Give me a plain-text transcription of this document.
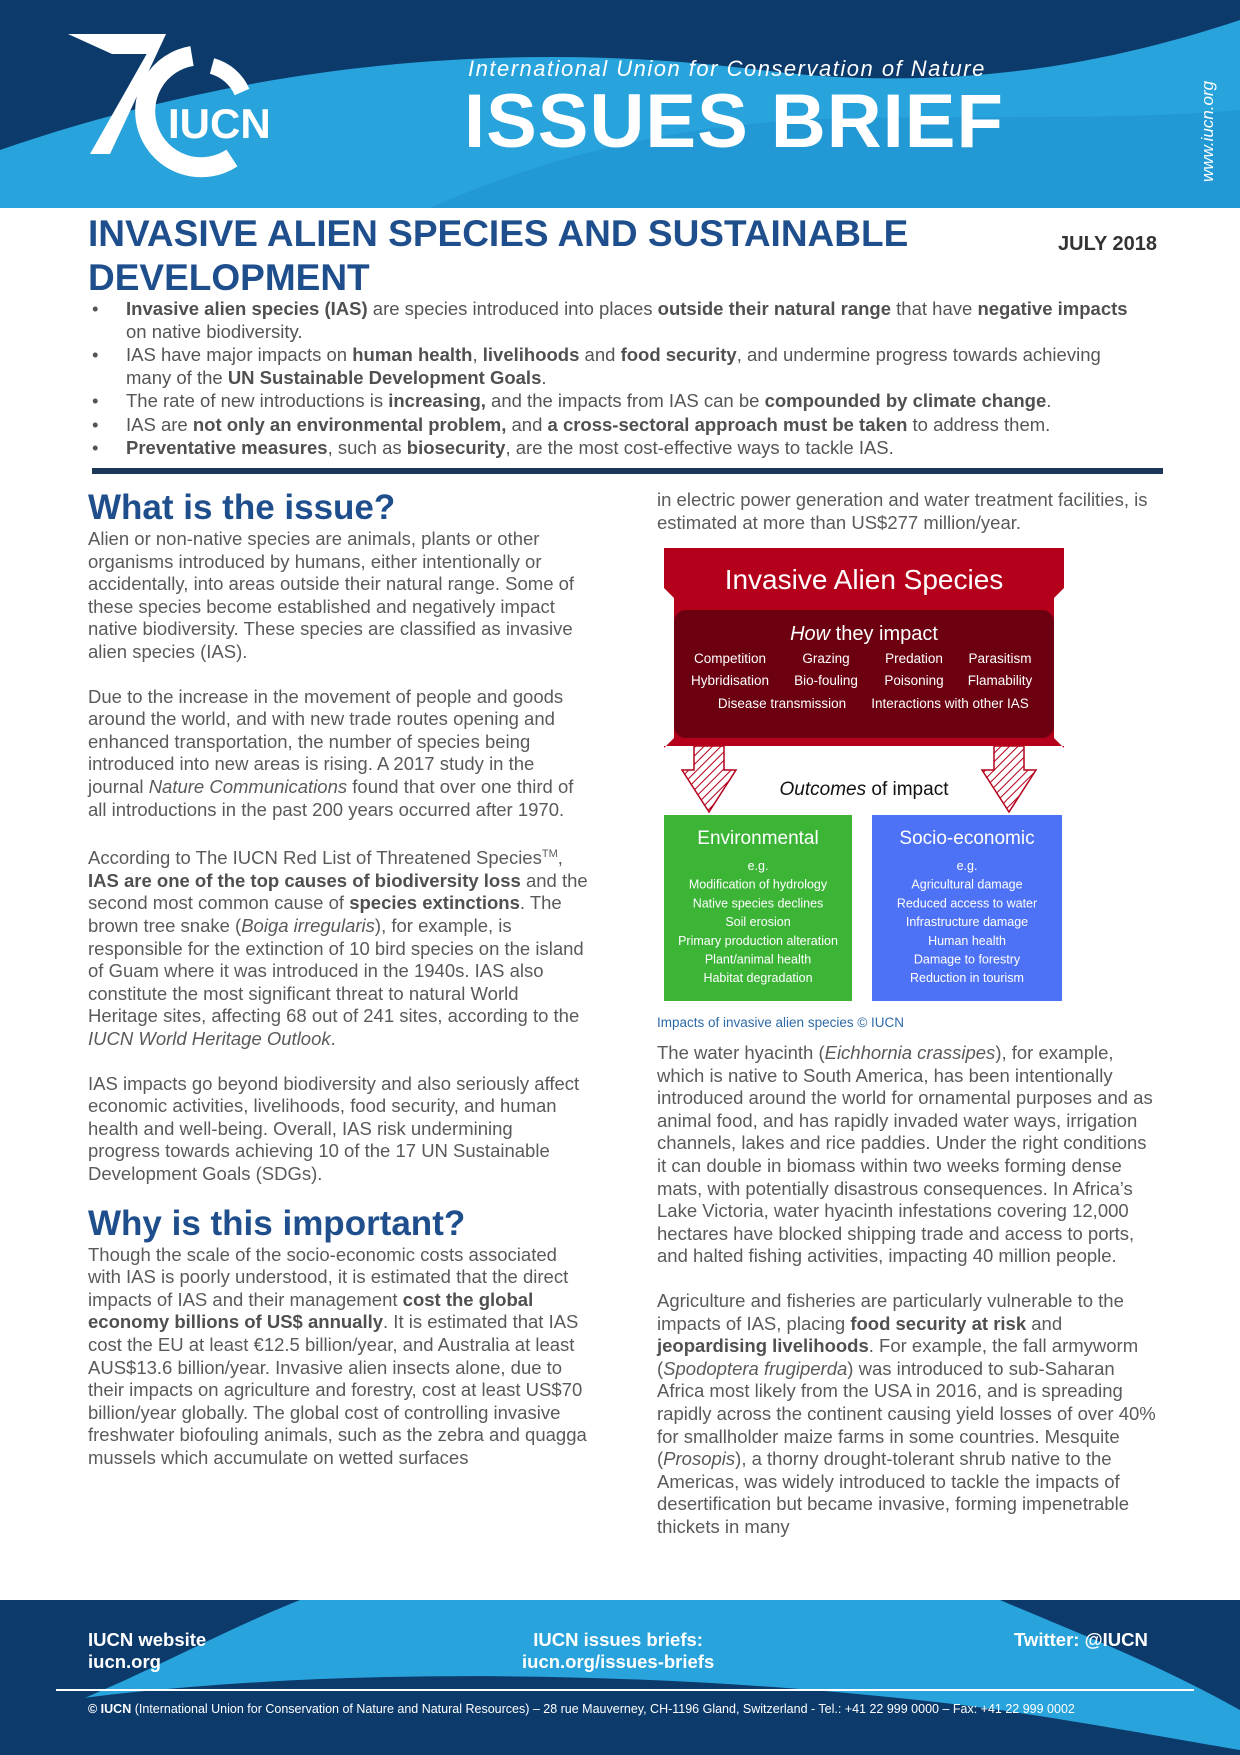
IUCN
International Union for Conservation of Nature
ISSUES BRIEF	www.iucn.org
INVASIVE ALIEN SPECIES AND SUSTAINABLE DEVELOPMENT
JULY 2018
• Invasive alien species (IAS) are species introduced into places outside their natural range that have negative impacts on native biodiversity.
• IAS have major impacts on human health, livelihoods and food security, and undermine progress towards achieving many of the UN Sustainable Development Goals.
• The rate of new introductions is increasing, and the impacts from IAS can be compounded by climate change.
• IAS are not only an environmental problem, and a cross-sectoral approach must be taken to address them.
• Preventative measures, such as biosecurity, are the most cost-effective ways to tackle IAS.
What is the issue?

Alien or non-native species are animals, plants or other organisms introduced by humans, either intentionally or accidentally, into areas outside their natural range. Some of these species become established and negatively impact native biodiversity. These species are classified as invasive alien species (IAS).

Due to the increase in the movement of people and goods around the world, and with new trade routes opening and enhanced transportation, the number of species being introduced into new areas is rising. A 2017 study in the journal Nature Communications found that over one third of all introductions in the past 200 years occurred after 1970.

According to The IUCN Red List of Threatened Species™, IAS are one of the top causes of biodiversity loss and the second most common cause of species extinctions. The brown tree snake (Boiga irregularis), for example, is responsible for the extinction of 10 bird species on the island of Guam where it was introduced in the 1940s. IAS also constitute the most significant threat to natural World Heritage sites, affecting 68 out of 241 sites, according to the IUCN World Heritage Outlook.

IAS impacts go beyond biodiversity and also seriously affect economic activities, livelihoods, food security, and human health and well-being. Overall, IAS risk undermining progress towards achieving 10 of the 17 UN Sustainable Development Goals (SDGs).

Why is this important?

Though the scale of the socio-economic costs associated with IAS is poorly understood, it is estimated that the direct impacts of IAS and their management cost the global economy billions of US$ annually. It is estimated that IAS cost the EU at least €12.5 billion/year, and Australia at least AUS$13.6 billion/year. Invasive alien insects alone, due to their impacts on agriculture and forestry, cost at least US$70 billion/year globally. The global cost of controlling invasive freshwater biofouling animals, such as the zebra and quagga mussels which accumulate on wetted surfaces

in electric power generation and water treatment facilities, is estimated at more than US$277 million/year.

Invasive Alien Species
How they impact
Competition	Grazing	Predation Parasitism
Hybridisation Bio-fouling Poisoning Flamability
Disease transmission Interactions with other IAS
Outcomes of impact
Environmental	Socio-economic
e.g.
Modification of hydrology
Native species declines
Soil erosion
Primary production alteration
Plant/animal health
Habitat degradation
e.g.
Agricultural damage
Reduced access to water
Infrastructure damage
Human health
Damage to forestry
Reduction in tourism
Impacts of invasive alien species © IUCN

The water hyacinth (Eichhornia crassipes), for example, which is native to South America, has been intentionally introduced around the world for ornamental purposes and as animal food, and has rapidly invaded water ways, irrigation channels, lakes and rice paddies. Under the right conditions it can double in biomass within two weeks forming dense mats, with potentially disastrous consequences. In Africa’s Lake Victoria, water hyacinth infestations covering 12,000 hectares have blocked shipping trade and access to ports, and halted fishing activities, impacting 40 million people.

Agriculture and fisheries are particularly vulnerable to the impacts of IAS, placing food security at risk and jeopardising livelihoods. For example, the fall armyworm (Spodoptera frugiperda) was introduced to sub-Saharan Africa most likely from the USA in 2016, and is spreading rapidly across the continent causing yield losses of over 40% for smallholder maize farms in some countries. Mesquite (Prosopis), a thorny drought-tolerant shrub native to the Americas, was widely introduced to tackle the impacts of desertification but became invasive, forming impenetrable thickets in many

IUCN website
iucn.org
IUCN issues briefs:
iucn.org/issues-briefs
Twitter: @IUCN
© IUCN (International Union for Conservation of Nature and Natural Resources) – 28 rue Mauverney, CH-1196 Gland, Switzerland - Tel.: +41 22 999 0000 – Fax: +41 22 999 0002
